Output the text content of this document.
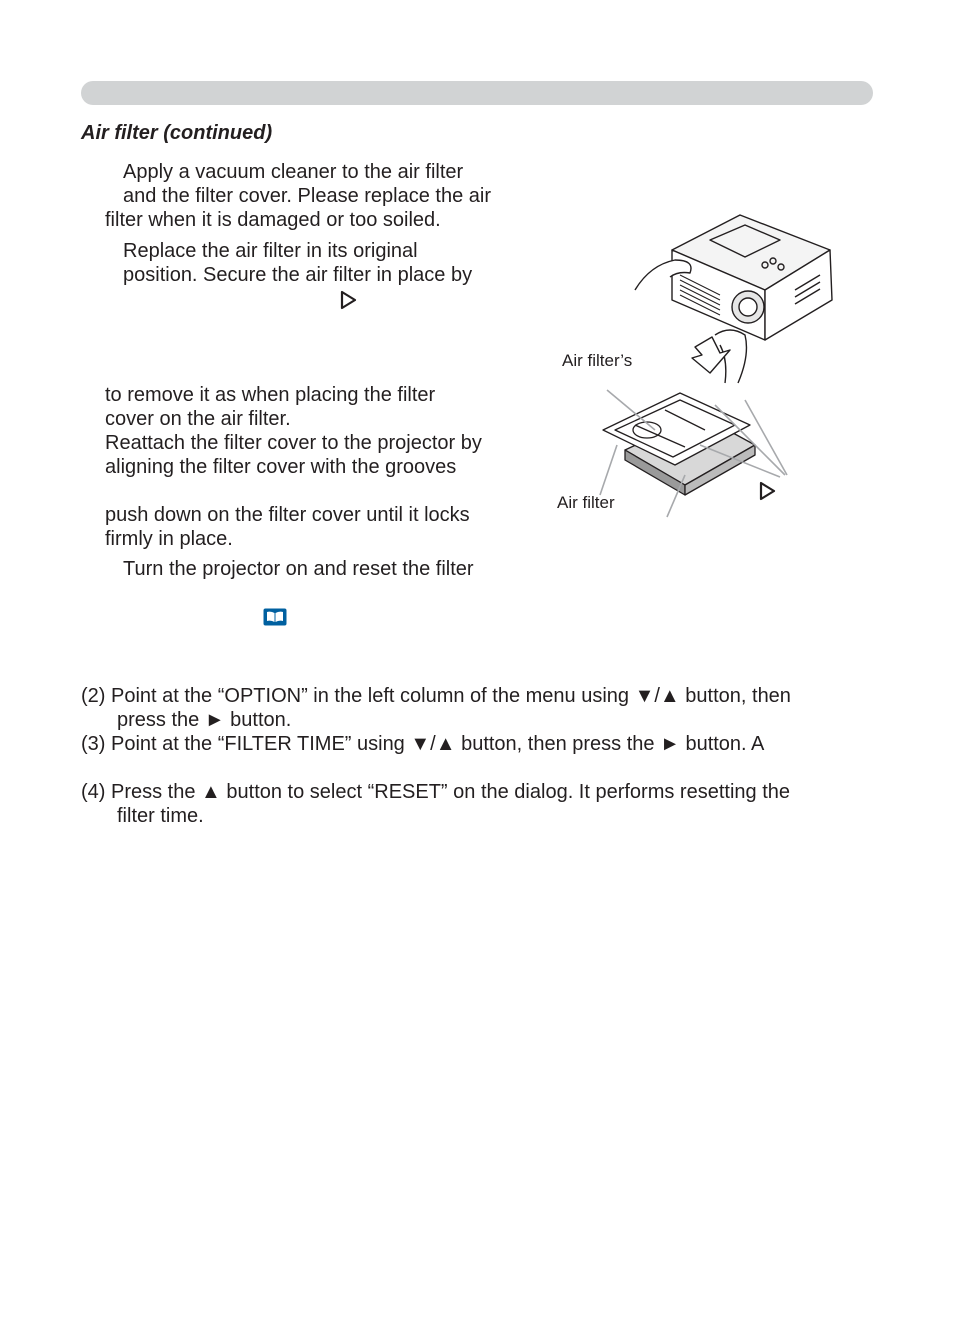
Air filter (continued)
Apply a vacuum cleaner to the air filter
and the filter cover. Please replace the air
filter when it is damaged or too soiled.
Replace the air filter in its original
position. Secure the air filter in place by
to remove it as when placing the filter
cover on the air filter.
Reattach the filter cover to the projector by
aligning the filter cover with the grooves
push down on the filter cover until it locks
firmly in place.
Turn the projector on and reset the filter
Air filter’s
Air filter
(2) Point at the “OPTION” in the left column of the menu using ▼/▲ button, then
press the ► button.
(3) Point at the “FILTER TIME” using ▼/▲ button, then press the ► button. A
(4) Press the ▲ button to select “RESET” on the dialog. It performs resetting the
filter time.
